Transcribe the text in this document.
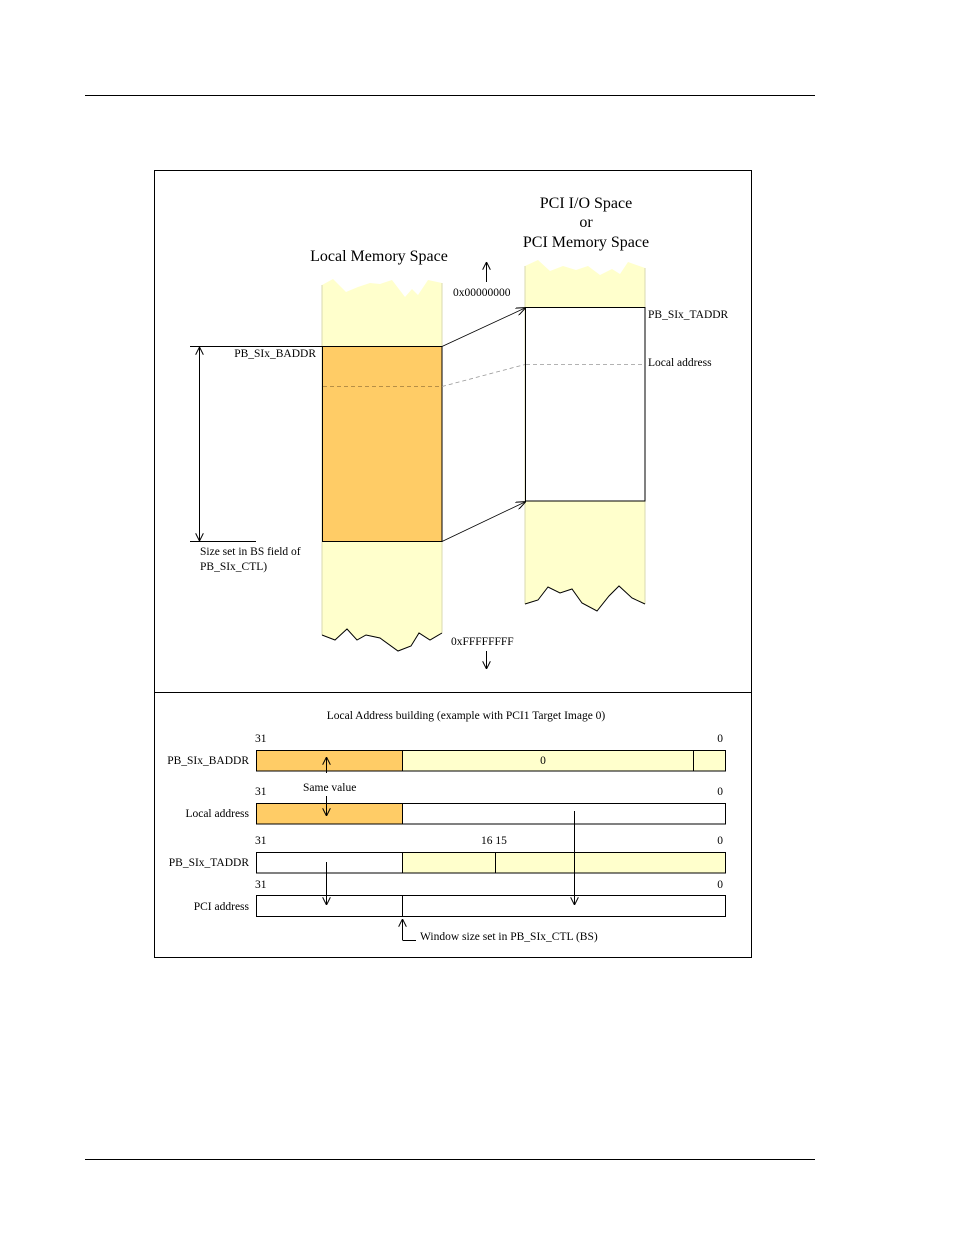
PCI I/O Space
or
PCI Memory Space
Local Memory Space
0x00000000
0xFFFFFFFF
PB_SIx_BADDR
PB_SIx_TADDR
Local address
Size set in BS field of
PB_SIx_CTL)
Local Address building (example with PCI1 Target Image 0)
31	0
PB_SIx_BADDR	0
31	0
Local address
Same value
31	16 15	0
PB_SIx_TADDR
31	0
PCI address
Window size set in PB_SIx_CTL (BS)
